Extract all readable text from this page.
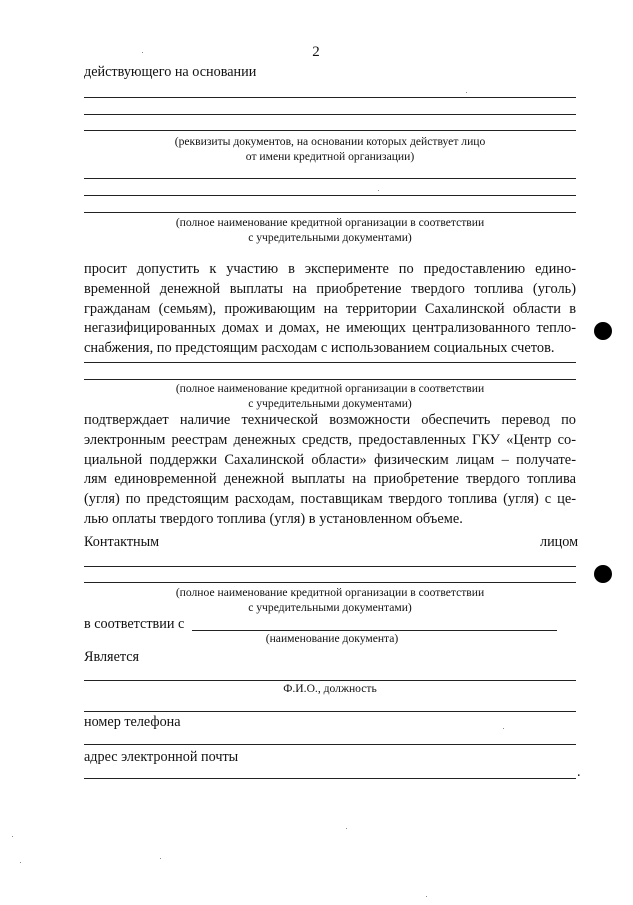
2
действующего на основании
(реквизиты документов, на основании которых действует лицо
от имени кредитной организации)
(полное наименование кредитной организации в соответствии
с учредительными документами)
просит допустить к участию в эксперименте по предоставлению едино-
временной денежной выплаты на приобретение твердого топлива (уголь)
гражданам (семьям), проживающим на территории Сахалинской области в
негазифицированных домах и домах, не имеющих централизованного тепло-
снабжения, по предстоящим расходам с использованием социальных счетов.
(полное наименование кредитной организации в соответствии
с учредительными документами)
подтверждает наличие технической возможности обеспечить перевод по
электронным реестрам денежных средств, предоставленных ГКУ «Центр со-
циальной поддержки Сахалинской области» физическим лицам – получате-
лям единовременной денежной выплаты на приобретение твердого топлива
(угля) по предстоящим расходам, поставщикам твердого топлива (угля) с це-
лью оплаты твердого топлива (угля) в установленном объеме.
Контактным	лицом
(полное наименование кредитной организации в соответствии
с учредительными документами)
в соответствии с
(наименование документа)
Является
Ф.И.О., должность
номер телефона
адрес электронной почты
.
